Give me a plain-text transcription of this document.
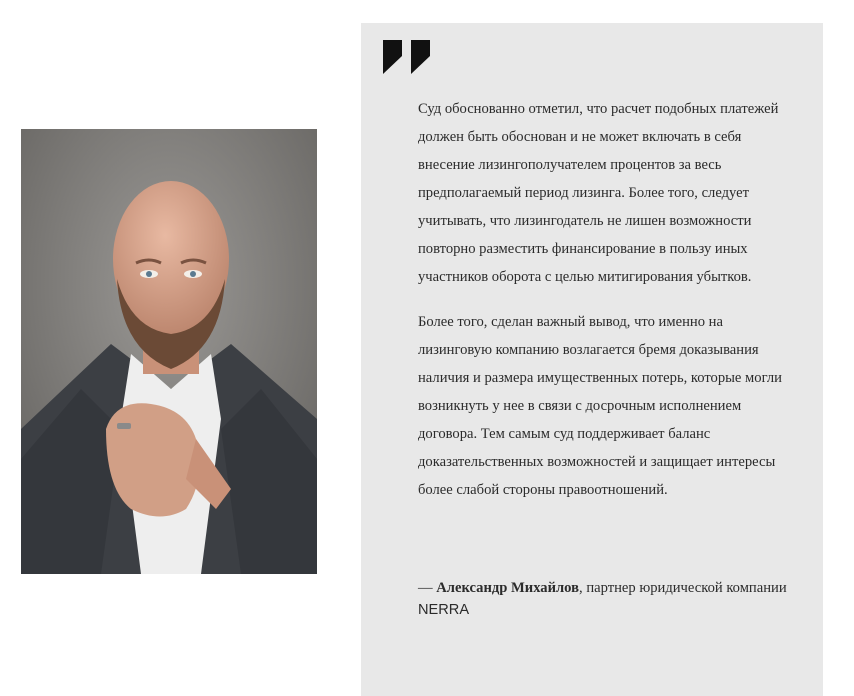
Суд обоснованно отметил, что расчет подобных платежей должен быть обоснован и не может включать в себя внесение лизингополучателем процентов за весь предполагаемый период лизинга. Более того, следует учитывать, что лизингодатель не лишен возможности повторно разместить финансирование в пользу иных участников оборота с целью митигирования убытков.

Более того, сделан важный вывод, что именно на лизинговую компанию возлагается бремя доказывания наличия и размера имущественных потерь, которые могли возникнуть у нее в связи с досрочным исполнением договора. Тем самым суд поддерживает баланс доказательственных возможностей и защищает интересы более слабой стороны правоотношений.

— Александр Михайлов, партнер юридической компании NERRA
